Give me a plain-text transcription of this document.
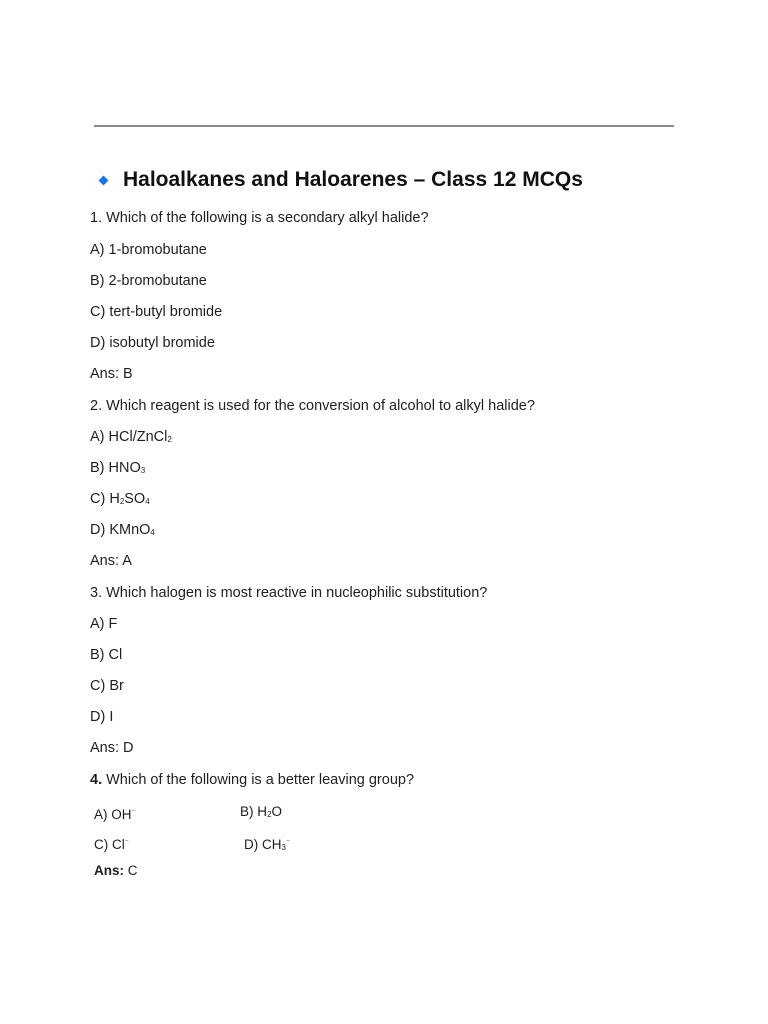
Haloalkanes and Haloarenes – Class 12 MCQs
1. Which of the following is a secondary alkyl halide?
A) 1-bromobutane
B) 2-bromobutane
C) tert-butyl bromide
D) isobutyl bromide
Ans: B
2. Which reagent is used for the conversion of alcohol to alkyl halide?
A) HCl/ZnCl$_2$
B) $HNO_3$
C) $H_2SO_4$
D) KMnO$_4$
Ans: A
3. Which halogen is most reactive in nucleophilic substitution?
A) F
B) Cl
C) Br
D) I
Ans: D
4. Which of the following is a better leaving group?
A) OH⁻	B) $H_2O$
C) Cl⁻	D) $CH_3^{^-}$
Ans: C
